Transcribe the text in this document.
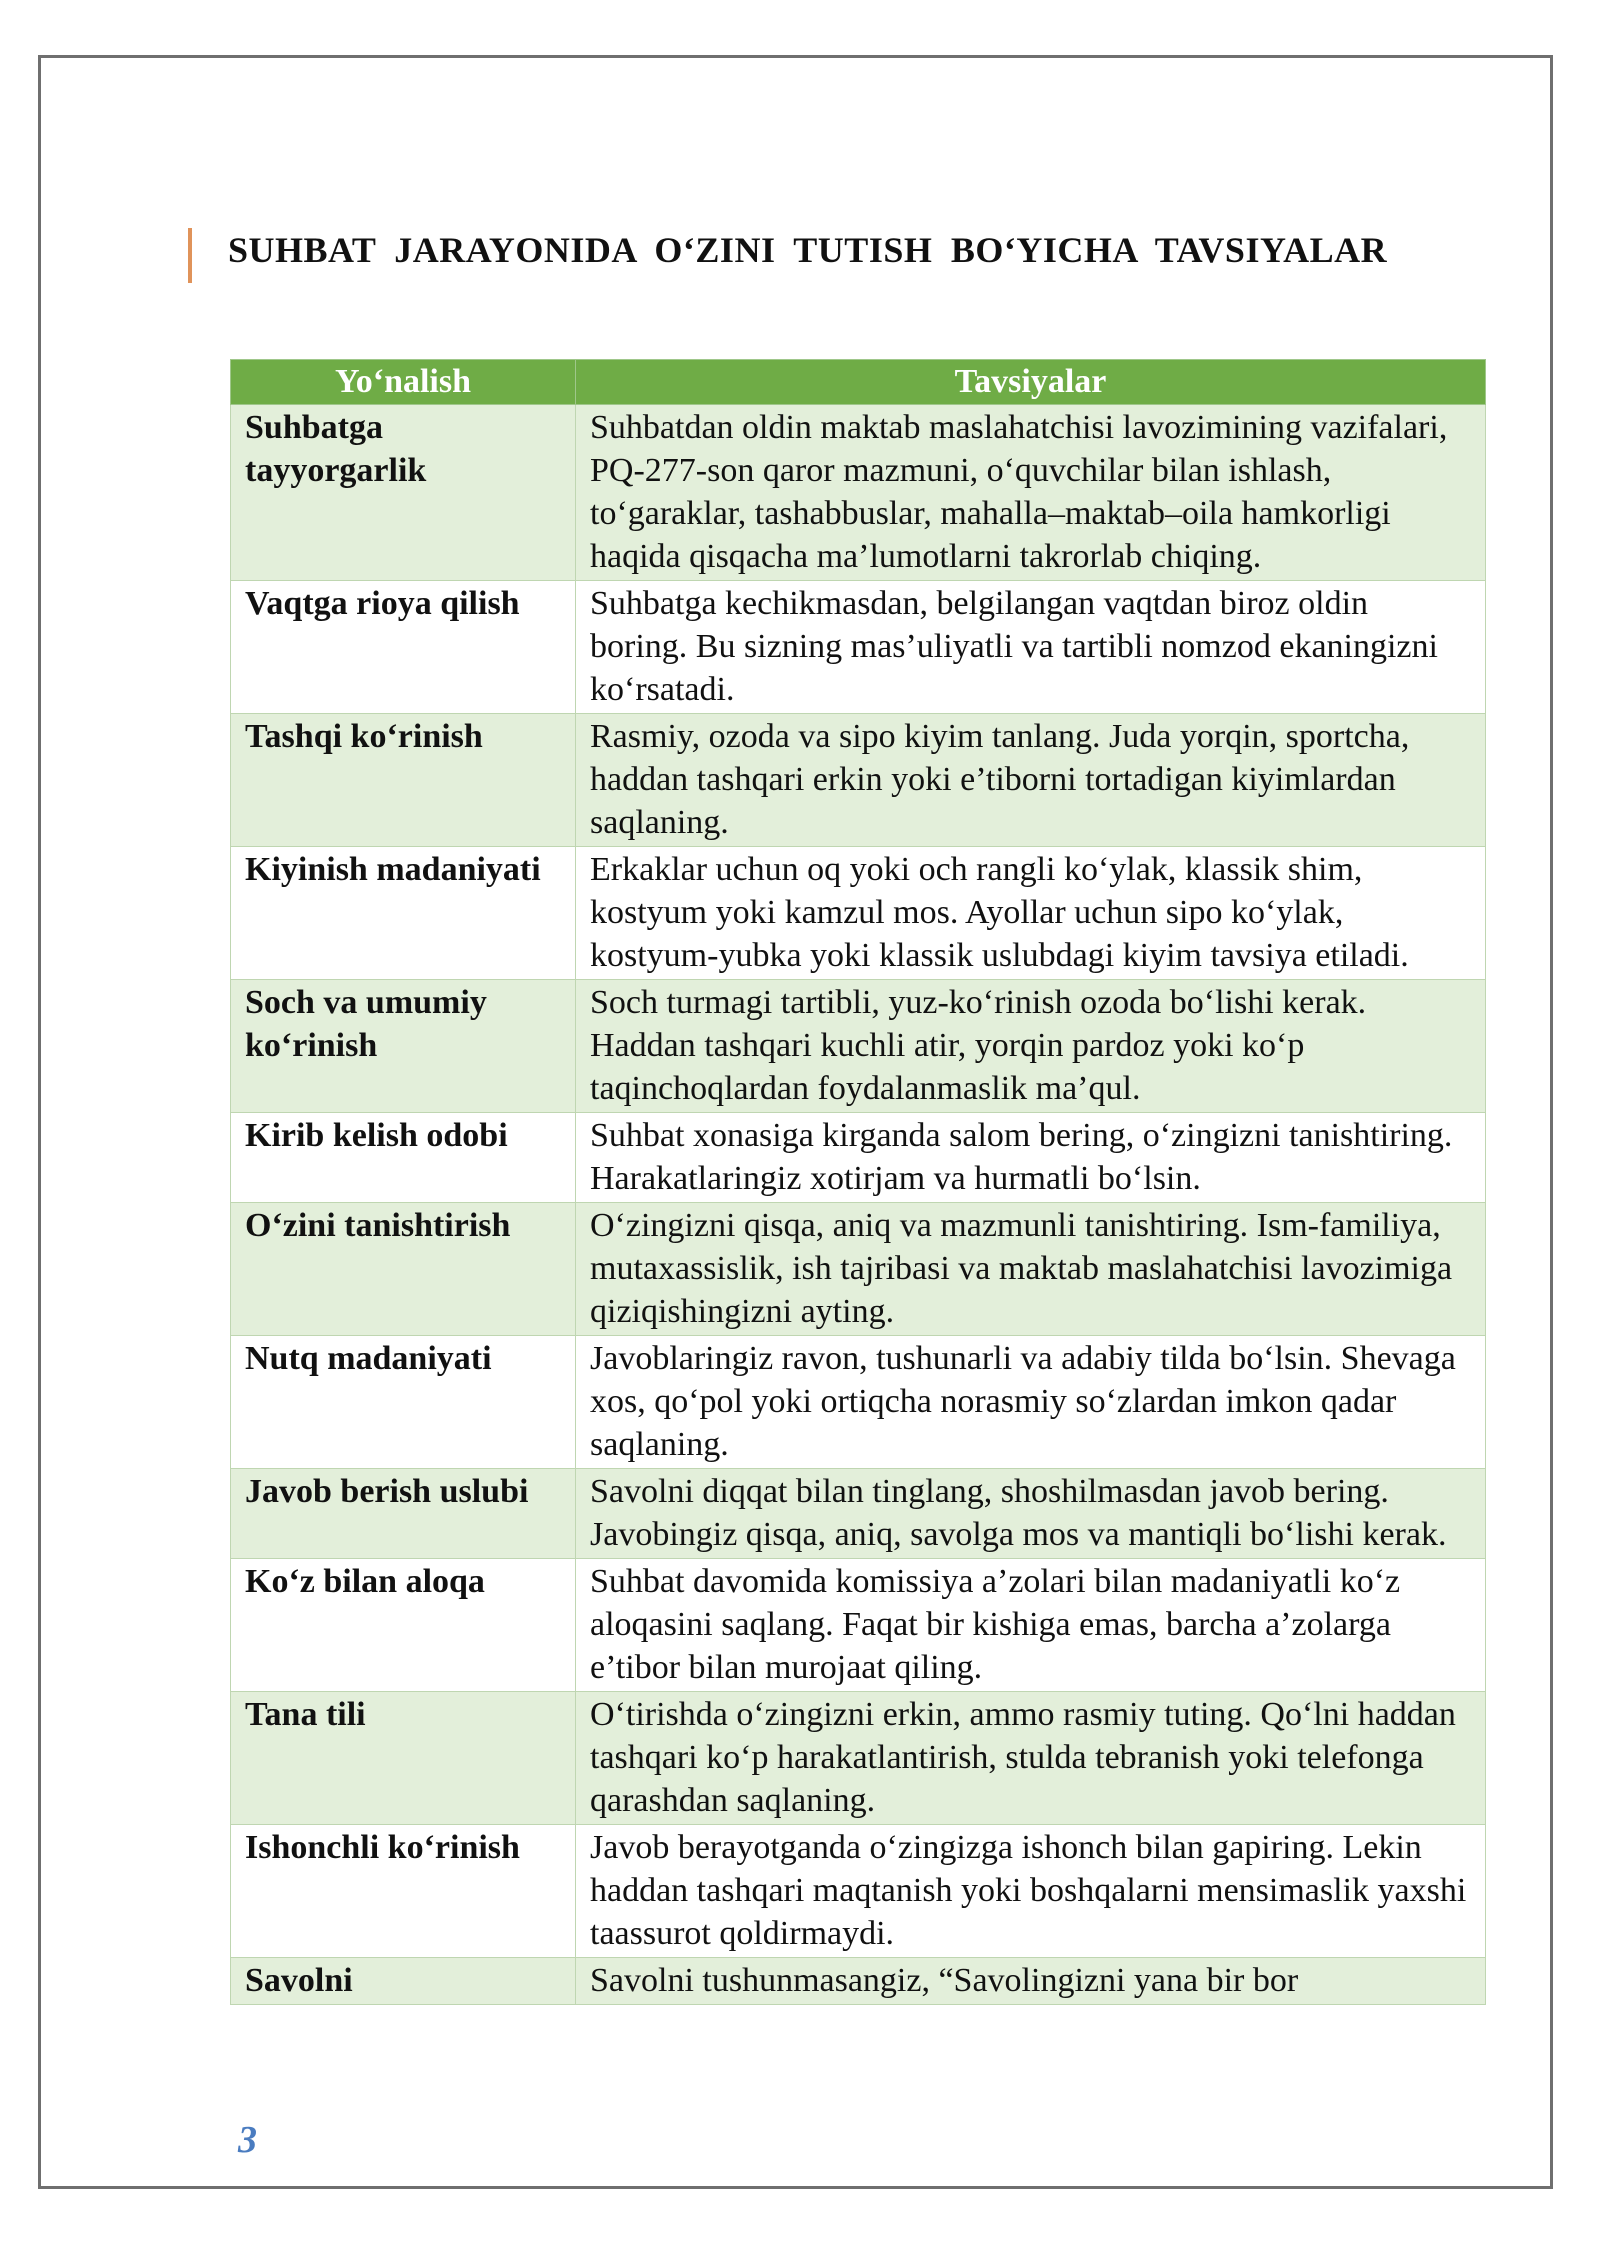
SUHBAT JARAYONIDA O‘ZINI TUTISH BO‘YICHA TAVSIYALAR
Yo‘nalish	Tavsiyalar
Suhbatga tayyorgarlik	Suhbatdan oldin maktab maslahatchisi lavozimining vazifalari, PQ-277-son qaror mazmuni, o‘quvchilar bilan ishlash, to‘garaklar, tashabbuslar, mahalla–maktab–oila hamkorligi haqida qisqacha ma’lumotlarni takrorlab chiqing.
Vaqtga rioya qilish	Suhbatga kechikmasdan, belgilangan vaqtdan biroz oldin boring. Bu sizning mas’uliyatli va tartibli nomzod ekaningizni ko‘rsatadi.
Tashqi ko‘rinish	Rasmiy, ozoda va sipo kiyim tanlang. Juda yorqin, sportcha, haddan tashqari erkin yoki e’tiborni tortadigan kiyimlardan saqlaning.
Kiyinish madaniyati	Erkaklar uchun oq yoki och rangli ko‘ylak, klassik shim, kostyum yoki kamzul mos. Ayollar uchun sipo ko‘ylak, kostyum-yubka yoki klassik uslubdagi kiyim tavsiya etiladi.
Soch va umumiy ko‘rinish	Soch turmagi tartibli, yuz-ko‘rinish ozoda bo‘lishi kerak. Haddan tashqari kuchli atir, yorqin pardoz yoki ko‘p taqinchoqlardan foydalanmaslik ma’qul.
Kirib kelish odobi	Suhbat xonasiga kirganda salom bering, o‘zingizni tanishtiring. Harakatlaringiz xotirjam va hurmatli bo‘lsin.
O‘zini tanishtirish	O‘zingizni qisqa, aniq va mazmunli tanishtiring. Ism-familiya, mutaxassislik, ish tajribasi va maktab maslahatchisi lavozimiga qiziqishingizni ayting.
Nutq madaniyati	Javoblaringiz ravon, tushunarli va adabiy tilda bo‘lsin. Shevaga xos, qo‘pol yoki ortiqcha norasmiy so‘zlardan imkon qadar saqlaning.
Javob berish uslubi	Savolni diqqat bilan tinglang, shoshilmasdan javob bering. Javobingiz qisqa, aniq, savolga mos va mantiqli bo‘lishi kerak.
Ko‘z bilan aloqa	Suhbat davomida komissiya a’zolari bilan madaniyatli ko‘z aloqasini saqlang. Faqat bir kishiga emas, barcha a’zolarga e’tibor bilan murojaat qiling.
Tana tili	O‘tirishda o‘zingizni erkin, ammo rasmiy tuting. Qo‘lni haddan tashqari ko‘p harakatlantirish, stulda tebranish yoki telefonga qarashdan saqlaning.
Ishonchli ko‘rinish	Javob berayotganda o‘zingizga ishonch bilan gapiring. Lekin haddan tashqari maqtanish yoki boshqalarni mensimaslik yaxshi taassurot qoldirmaydi.
Savolni	Savolni tushunmasangiz, “Savolingizni yana bir bor
3
